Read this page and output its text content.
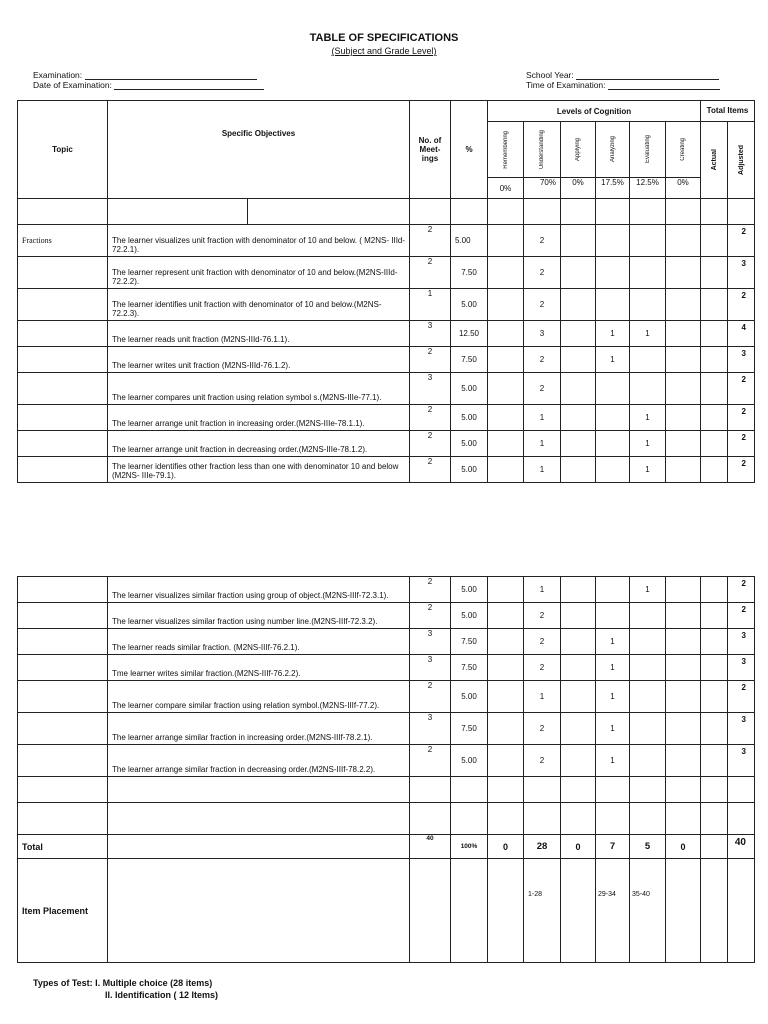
TABLE OF SPECIFICATIONS
(Subject and Grade Level)
Examination:
Date of Examination:
School Year:
Time of Examination:
Topic	Specific Objectives		No. of
Meet-
ings	%	Levels of Cognition						Total Items	

					Remembering	Understanding	Applying	Analyzing	Evaluating	Creating	Actual	Adjusted

					0%	70%	0%	17.5%	12.5%	0%		

Fractions	The learner visualizes unit fraction with denominator of 10 and below. ( M2NS- IIId- 72.2.1).		2	5.00		2						2
	The learner represent unit fraction with denominator of 10 and below.(M2NS-IIId-72.2.2).		2	7.50		2						3
	The learner identifies unit fraction with denominator of 10 and below.(M2NS-72.2.3).		1	5.00		2						2
	The learner reads unit fraction (M2NS-IIId-76.1.1).		3	12.50		3		1	1			4
	The learner writes unit fraction (M2NS-IIId-76.1.2).		2	7.50		2		1				3
	The learner compares unit fraction using relation symbol s.(M2NS-IIIe-77.1).		3	5.00		2						2
	The learner arrange unit fraction in increasing order.(M2NS-IIIe-78.1.1).		2	5.00		1			1			2
	The learner arrange unit fraction in decreasing order.(M2NS-IIIe-78.1.2).		2	5.00		1			1			2
	The learner identifies other fraction less than one with denominator 10 and below (M2NS- IIIe-79.1).		2	5.00		1			1			2
	The learner visualizes similar fraction using group of object.(M2NS-IIIf-72.3.1).	2	5.00		1			1			2
	The learner visualizes similar fraction using number line.(M2NS-IIIf-72.3.2).	2	5.00		2						2
	The learner reads similar fraction. (M2NS-IIIf-76.2.1).	3	7.50		2		1				3
	Tme learner writes similar fraction.(M2NS-IIIf-76.2.2).	3	7.50		2		1				3
	The learner compare similar fraction using relation symbol.(M2NS-IIIf-77.2).	2	5.00		1		1				2
	The learner arrange similar fraction in increasing order.(M2NS-IIIf-78.2.1).	3	7.50		2		1				3
	The learner arrange similar fraction in decreasing order.(M2NS-IIIf-78.2.2).	2	5.00		2		1				3

Total		40	100%	0	28	0	7	5	0		40
Item Placement					1-28		29-34	35-40			
Types of Test: I. Multiple choice (28 items)
II. Identification ( 12 Items)
